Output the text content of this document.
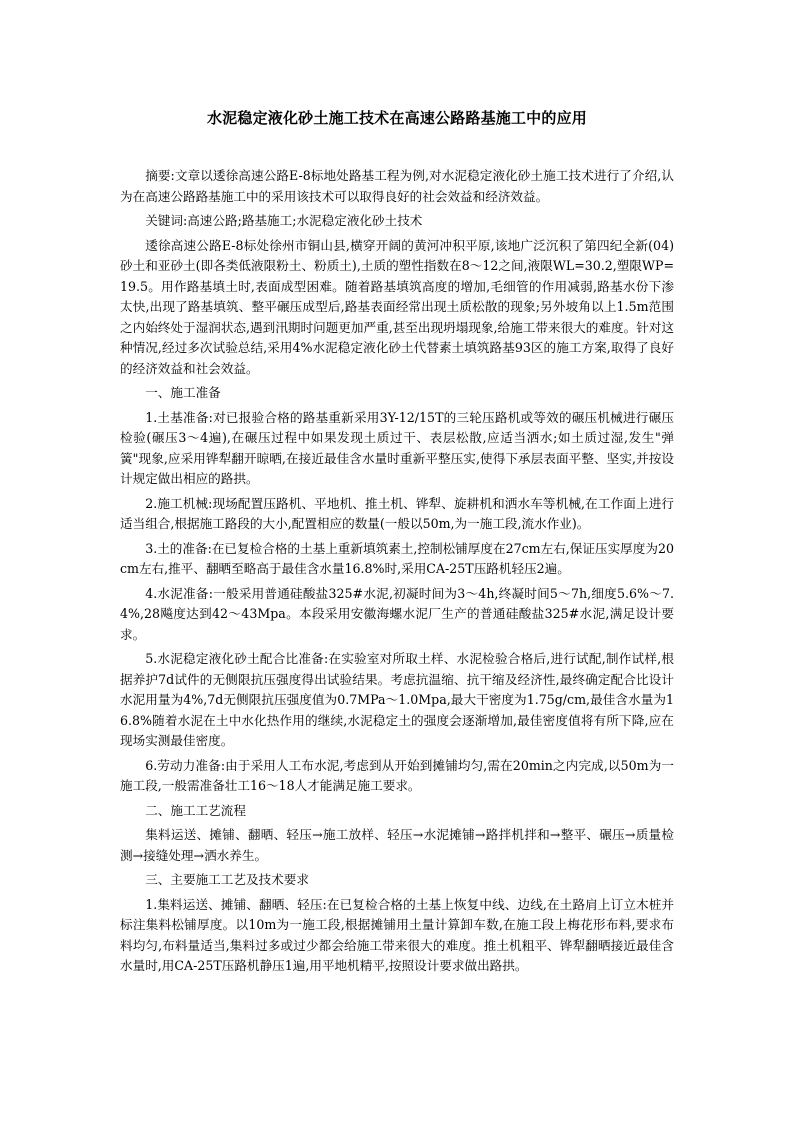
水泥稳定液化砂土施工技术在高速公路路基施工中的应用

摘要:文章以逶徐高速公路E-8标地处路基工程为例,对水泥稳定液化砂土施工技术进行了介绍,认为在高速公路路基施工中的采用该技术可以取得良好的社会效益和经济效益。

关键词:高速公路;路基施工;水泥稳定液化砂土技术

逶徐高速公路E-8标处徐州市铜山县,横穿开阔的黄河冲积平原,该地广泛沉积了第四纪全新(04)砂土和亚砂土(即各类低液限粉土、粉质土),土质的塑性指数在8～12之间,液限WL=30.2,塑限WP=19.5。用作路基填土时,表面成型困难。随着路基填筑高度的增加,毛细管的作用减弱,路基水份下渗太快,出现了路基填筑、整平碾压成型后,路基表面经常出现土质松散的现象;另外坡角以上1.5m范围之内始终处于湿润状态,遇到汛期时问题更加严重,甚至出现坍塌现象,给施工带来很大的难度。针对这种情况,经过多次试验总结,采用4%水泥稳定液化砂土代替素土填筑路基93区的施工方案,取得了良好的经济效益和社会效益。

一、施工准备

1.土基准备:对已报验合格的路基重新采用3Y-12/15T的三轮压路机或等效的碾压机械进行碾压检验(碾压3～4遍),在碾压过程中如果发现土质过干、表层松散,应适当洒水;如土质过湿,发生"弹簧"现象,应采用铧犁翻开晾晒,在接近最佳含水量时重新平整压实,使得下承层表面平整、坚实,并按设计规定做出相应的路拱。

2.施工机械:现场配置压路机、平地机、推土机、铧犁、旋耕机和洒水车等机械,在工作面上进行适当组合,根据施工路段的大小,配置相应的数量(一般以50m,为一施工段,流水作业)。

3.土的准备:在已复检合格的土基上重新填筑素土,控制松铺厚度在27cm左右,保证压实厚度为20cm左右,推平、翻晒至略高于最佳含水量16.8%时,采用CA-25T压路机轻压2遍。

4.水泥准备:一般采用普通硅酸盐325#水泥,初凝时间为3～4h,终凝时间5～7h,细度5.6%～7.4%,28飚度达到42～43Mpa。本段采用安徽海螺水泥厂生产的普通硅酸盐325#水泥,满足设计要求。

5.水泥稳定液化砂土配合比准备:在实验室对所取土样、水泥检验合格后,进行试配,制作试样,根据养护7d试件的无侧限抗压强度得出试验结果。考虑抗温缩、抗干缩及经济性,最终确定配合比设计水泥用量为4%,7d无侧限抗压强度值为0.7MPa～1.0Mpa,最大干密度为1.75g/cm,最佳含水量为16.8%随着水泥在土中水化热作用的继续,水泥稳定土的强度会逐渐增加,最佳密度值将有所下降,应在现场实测最佳密度。

6.劳动力准备:由于采用人工布水泥,考虑到从开始到摊铺均匀,需在20min之内完成,以50m为一施工段,一般需准备壮工16～18人才能满足施工要求。

二、施工工艺流程

集料运送、摊铺、翻晒、轻压→施工放样、轻压→水泥摊铺→路拌机拌和→整平、碾压→质量检测→接缝处理→洒水养生。

三、主要施工工艺及技术要求

1.集料运送、摊铺、翻晒、轻压:在已复检合格的土基上恢复中线、边线,在土路肩上订立木桩并标注集料松铺厚度。以10m为一施工段,根据摊铺用土量计算卸车数,在施工段上梅花形布料,要求布料均匀,布料量适当,集料过多或过少都会给施工带来很大的难度。推土机粗平、铧犁翻晒接近最佳含水量时,用CA-25T压路机静压1遍,用平地机精平,按照设计要求做出路拱。
